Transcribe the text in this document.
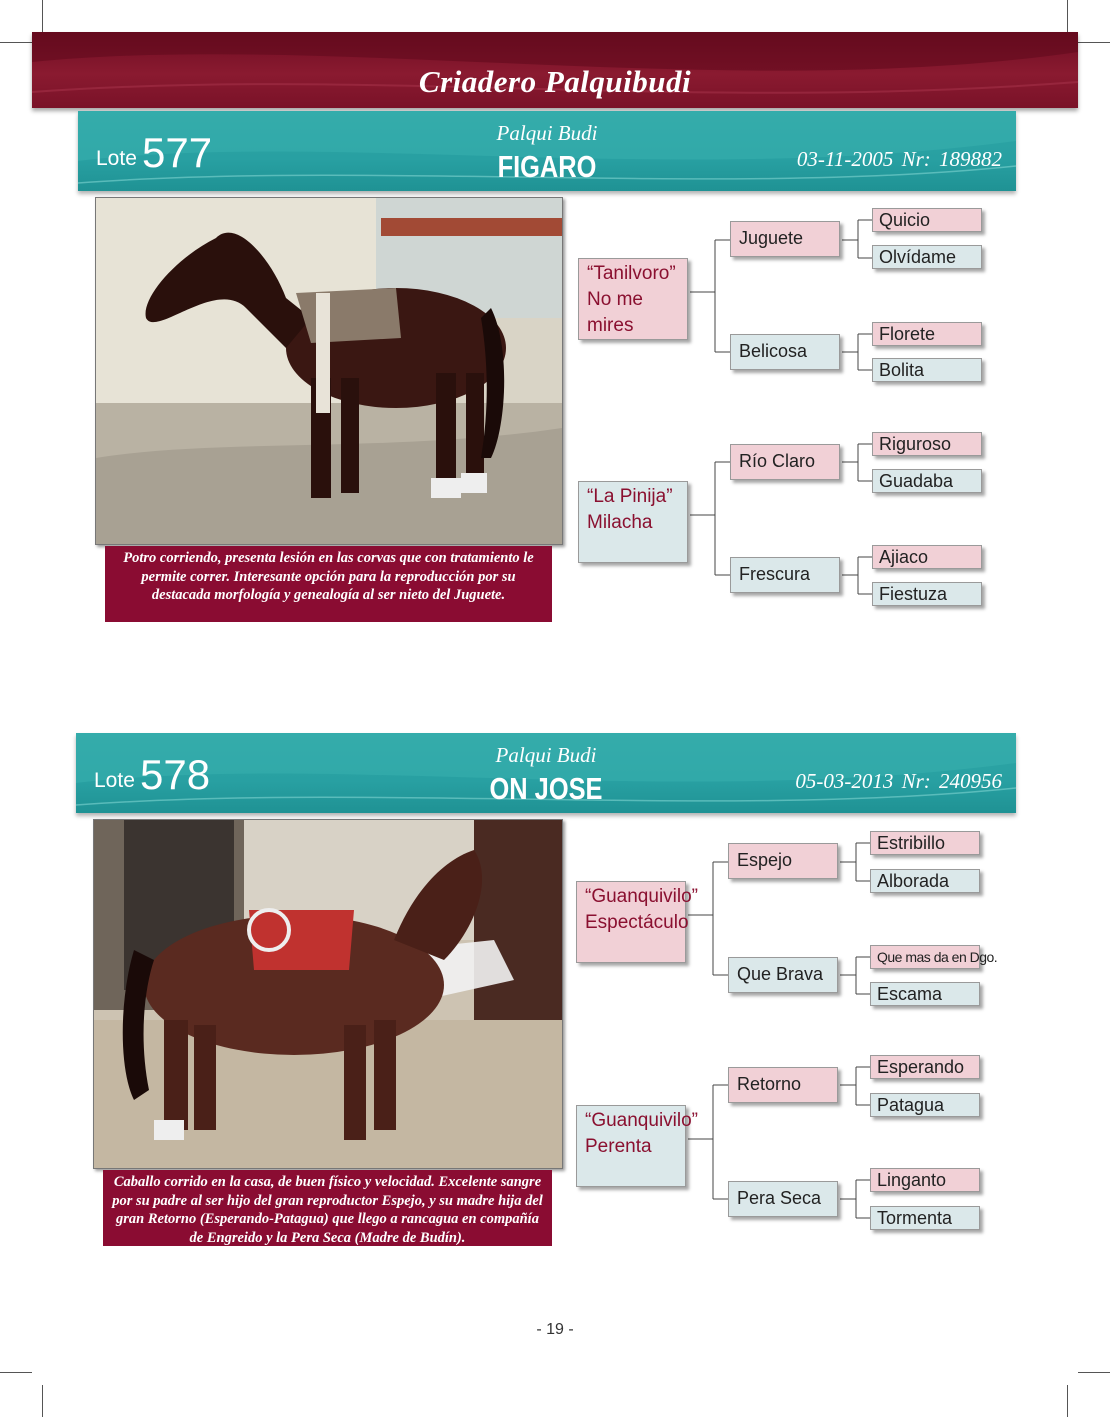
Criadero Palquibudi
Lote 577	Palqui Budi
FIGARO	03-11-2005 Nr: 189882
Potro corriendo, presenta lesión en las corvas que con tratamiento le permite correr. Interesante opción para la reproducción por su destacada morfología y genealogía al ser nieto del Juguete.
“Tanilvoro”
No me mires
“La Pinija”
Milacha
Juguete
Belicosa
Río Claro
Frescura
Quicio
Olvídame
Florete
Bolita
Riguroso
Guadaba
Ajiaco
Fiestuza
Lote 578	Palqui Budi
ON JOSE	05-03-2013 Nr: 240956
Caballo corrido en la casa, de buen físico y velocidad. Excelente sangre por su padre al ser hijo del gran reproductor Espejo, y su madre hija del gran Retorno (Esperando-Patagua) que llego a rancagua en compañía de Engreido y la Pera Seca (Madre de Budín).
“Guanquivilo”
Espectáculo
“Guanquivilo”
Perenta
Espejo
Que Brava
Retorno
Pera Seca
Estribillo
Alborada
Que mas da en Dgo.
Escama
Esperando
Patagua
Linganto
Tormenta
- 19 -
